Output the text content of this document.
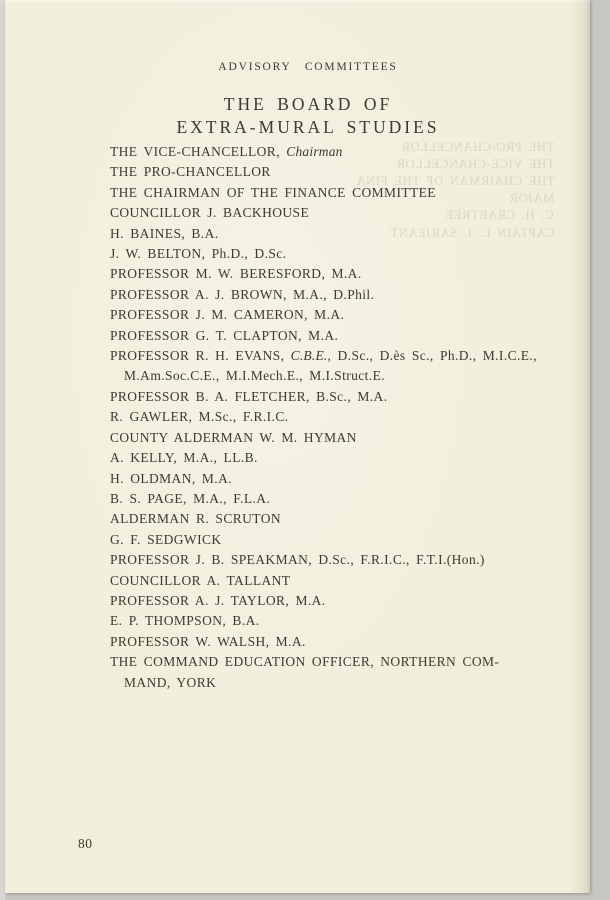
THE PRO-CHANCELLOR
THE VICE-CHANCELLOR
THE CHAIRMAN OF THE FINA
MAJOR
C. H. CRABTREE
CAPTAIN L. J. SARJEANT
ADVISORY COMMITTEES
THE BOARD OF
EXTRA-MURAL STUDIES
THE VICE-CHANCELLOR, Chairman
THE PRO-CHANCELLOR
THE CHAIRMAN OF THE FINANCE COMMITTEE
COUNCILLOR J. BACKHOUSE
H. BAINES, B.A.
J. W. BELTON, Ph.D., D.Sc.
PROFESSOR M. W. BERESFORD, M.A.
PROFESSOR A. J. BROWN, M.A., D.Phil.
PROFESSOR J. M. CAMERON, M.A.
PROFESSOR G. T. CLAPTON, M.A.
PROFESSOR R. H. EVANS, C.B.E., D.Sc., D.ès Sc., Ph.D., M.I.C.E.,
M.Am.Soc.C.E., M.I.Mech.E., M.I.Struct.E.
PROFESSOR B. A. FLETCHER, B.Sc., M.A.
R. GAWLER, M.Sc., F.R.I.C.
COUNTY ALDERMAN W. M. HYMAN
A. KELLY, M.A., LL.B.
H. OLDMAN, M.A.
B. S. PAGE, M.A., F.L.A.
ALDERMAN R. SCRUTON
G. F. SEDGWICK
PROFESSOR J. B. SPEAKMAN, D.Sc., F.R.I.C., F.T.I.(Hon.)
COUNCILLOR A. TALLANT
PROFESSOR A. J. TAYLOR, M.A.
E. P. THOMPSON, B.A.
PROFESSOR W. WALSH, M.A.
THE COMMAND EDUCATION OFFICER, NORTHERN COM-
MAND, YORK
80
